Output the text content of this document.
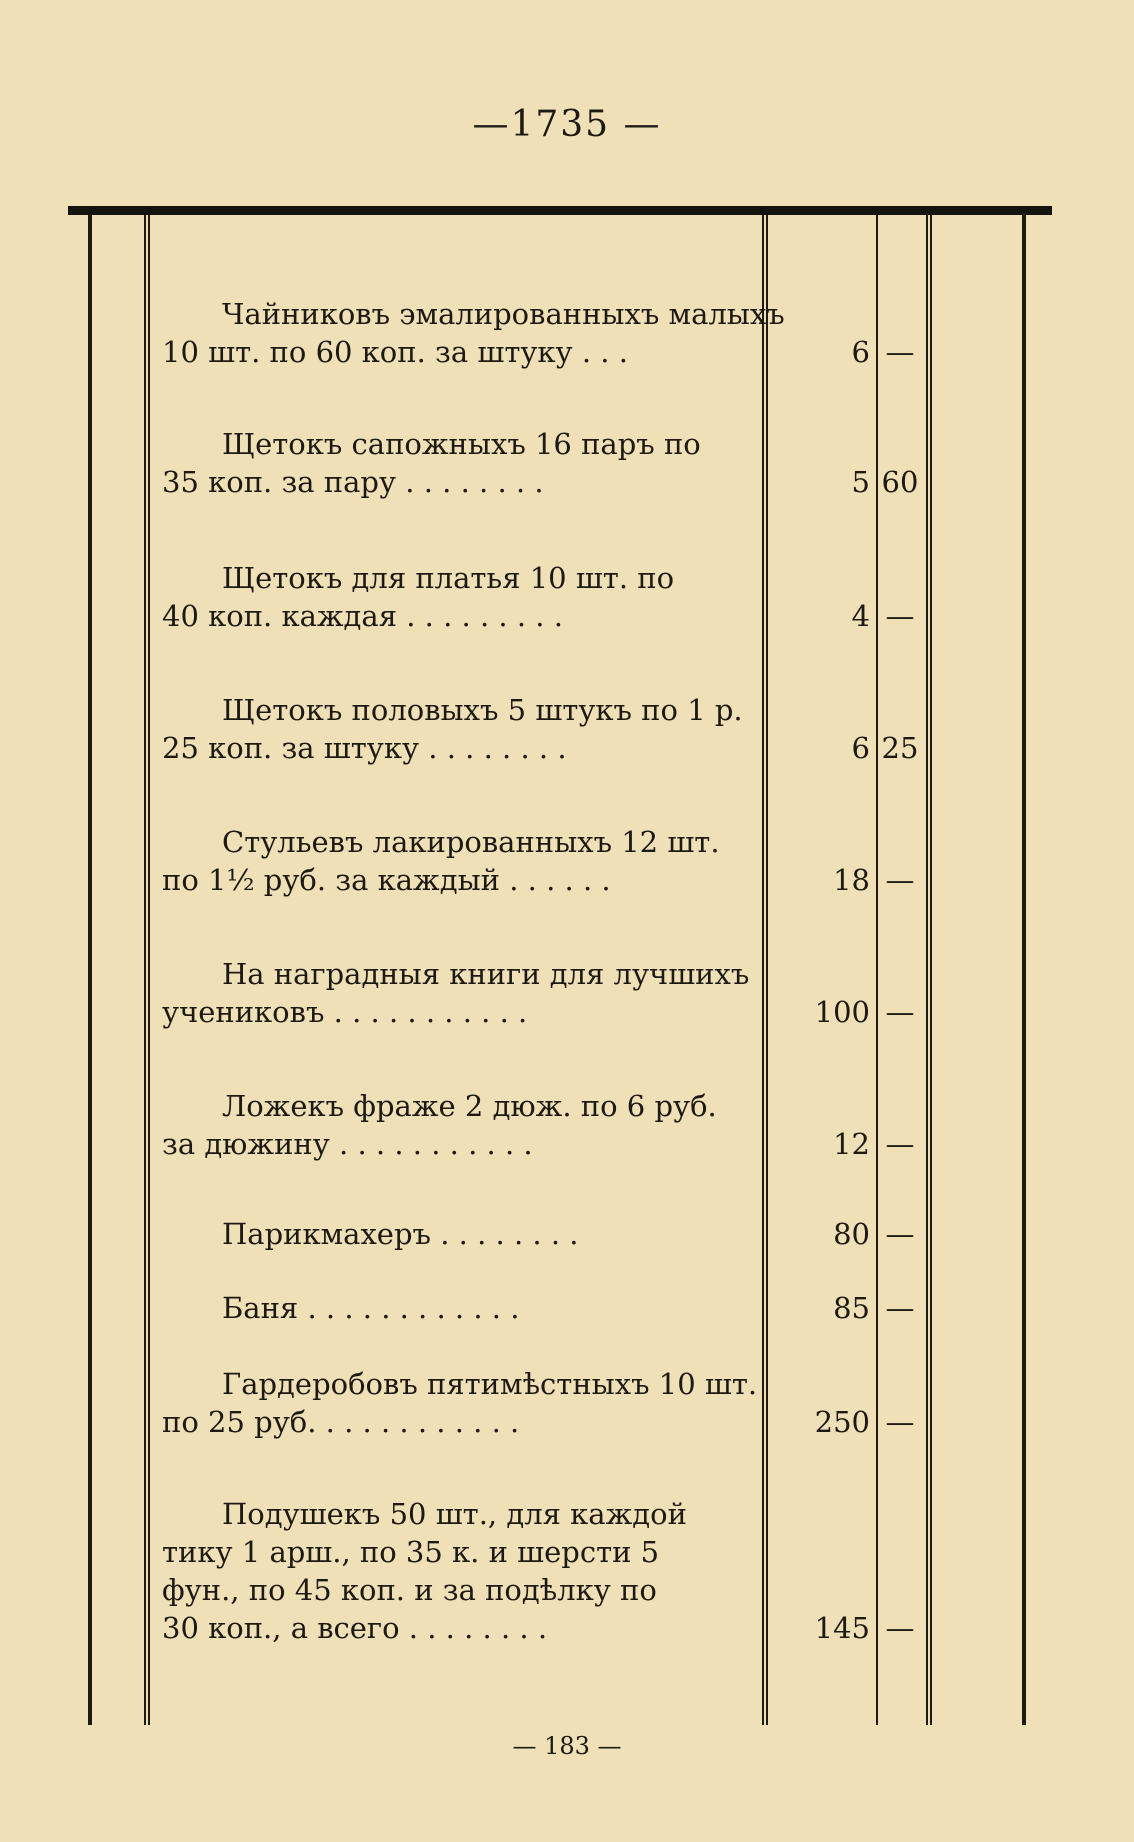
—1735 —
Чайниковъ эмалированныхъ малыхъ
10 шт. по 60 коп. за штуку . . .	6 —
Щетокъ сапожныхъ 16 паръ по
35 коп. за пару . . . . . . . .	5 60
Щетокъ для платья 10 шт. по
40 коп. каждая . . . . . . . . .	4 —
Щетокъ половыхъ 5 штукъ по 1 р.
25 коп. за штуку . . . . . . . .	6 25
Стульевъ лакированныхъ 12 шт.
по 1½ руб. за каждый . . . . . .	18 —
На наградныя книги для лучшихъ
учениковъ . . . . . . . . . . .	100 —
Ложекъ фраже 2 дюж. по 6 руб.
за дюжину . . . . . . . . . . .	12 —
Парикмахеръ . . . . . . . .	80 —
Баня . . . . . . . . . . . .	85 —
Гардеробовъ пятимѣстныхъ 10 шт.
по 25 руб. . . . . . . . . . . .	250 —
Подушекъ 50 шт., для каждой
тику 1 арш., по 35 к. и шерсти 5
фун., по 45 коп. и за подѣлку по
30 коп., а всего . . . . . . . .	145 —
— 183 —
